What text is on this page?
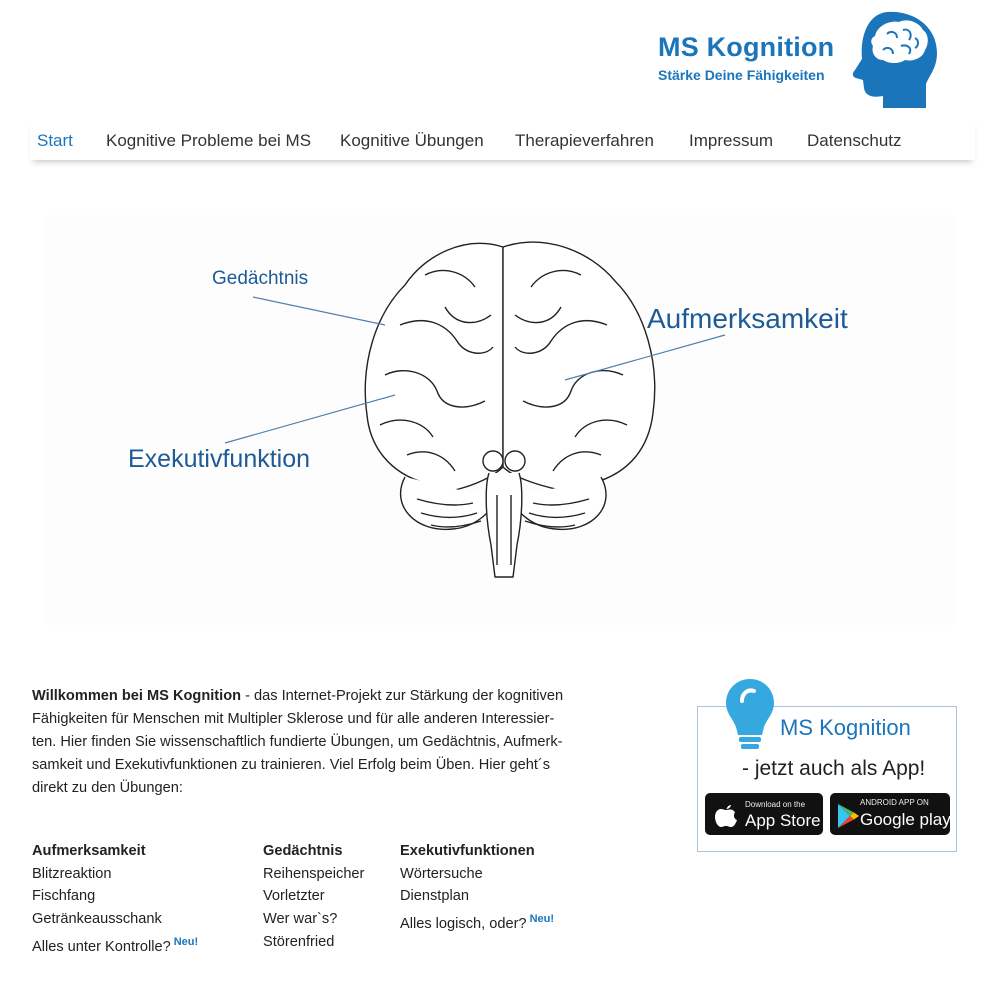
MS Kognition
Stärke Deine Fähigkeiten
Start Kognitive Probleme bei MS Kognitive Übungen Therapieverfahren Impressum Datenschutz
Gedächtnis
Aufmerksamkeit
Exekutivfunktion
Willkommen bei MS Kognition - das Internet-Projekt zur Stärkung der kognitiven
Fähigkeiten für Menschen mit Multipler Sklerose und für alle anderen Interessier-
ten. Hier finden Sie wissenschaftlich fundierte Übungen, um Gedächtnis, Aufmerk-
samkeit und Exekutivfunktionen zu trainieren. Viel Erfolg beim Üben. Hier geht´s
direkt zu den Übungen:
Aufmerksamkeit
Blitzreaktion
Fischfang
Getränkeausschank
Alles unter Kontrolle? $^{Neu!}$
Gedächtnis
Reihenspeicher
Vorletzter
Wer war`s?
Störenfried
Exekutivfunktionen
Wörtersuche
Dienstplan
Alles logisch, oder? $^{Neu!}$
MS Kognition
- jetzt auch als App!
Download on the
App Store
ANDROID APP ON
Google play
